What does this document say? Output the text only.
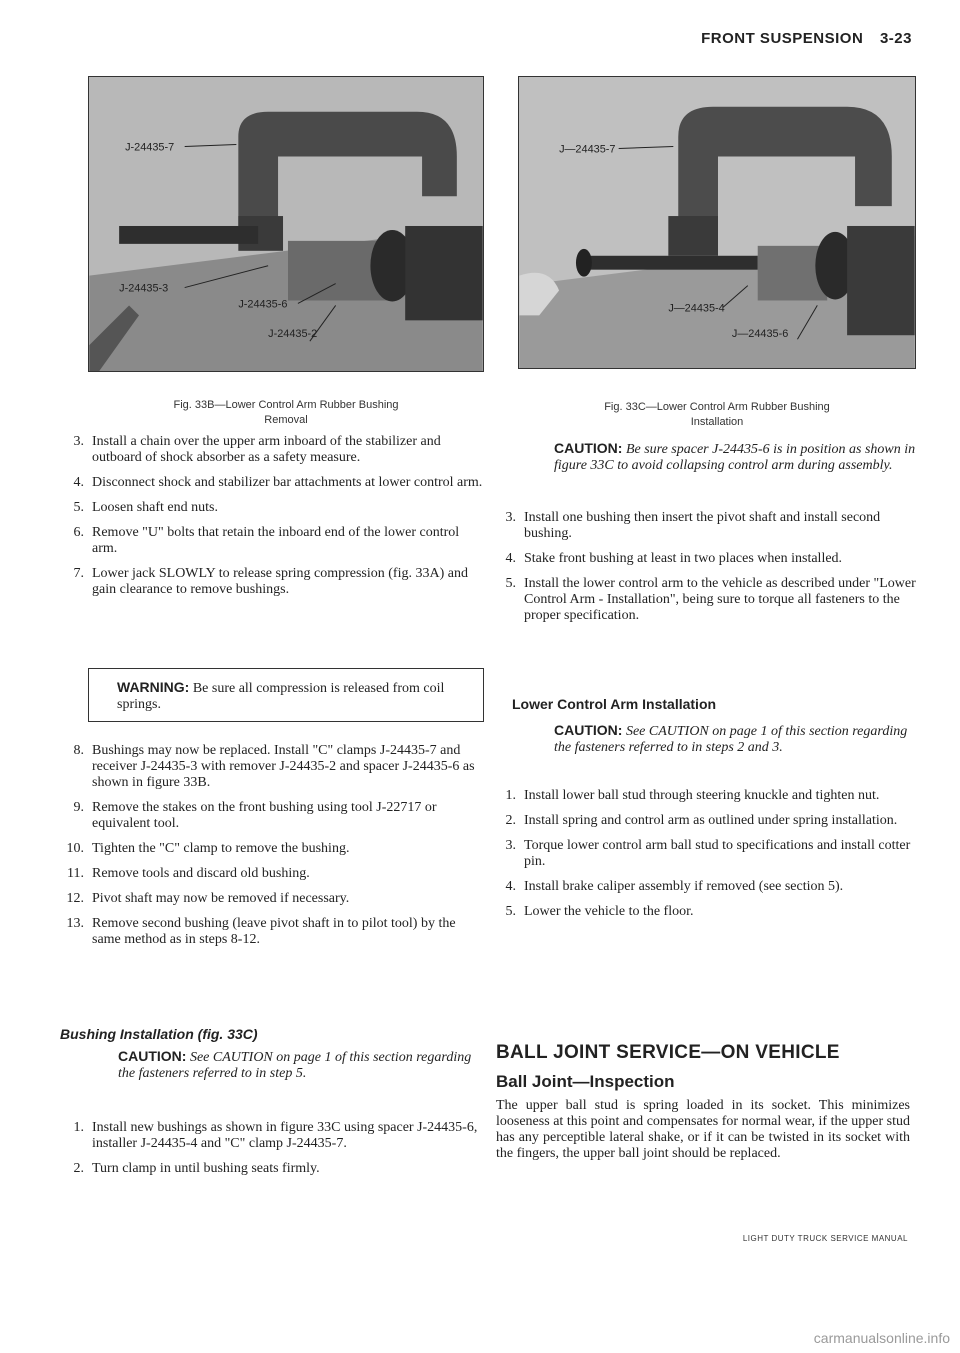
FRONT SUSPENSION 3-23
J-24435-7
J-24435-3
J-24435-6
J-24435-2
Fig. 33B—Lower Control Arm Rubber Bushing
Removal
J—24435-7
J—24435-4
J—24435-6
Fig. 33C—Lower Control Arm Rubber Bushing
Installation
3. Install a chain over the upper arm inboard of the stabilizer and outboard of shock absorber as a safety measure.
4. Disconnect shock and stabilizer bar attachments at lower control arm.
5. Loosen shaft end nuts.
6. Remove "U" bolts that retain the inboard end of the lower control arm.
7. Lower jack SLOWLY to release spring compression (fig. 33A) and gain clearance to remove bushings.
WARNING: Be sure all compression is released from coil springs.
8. Bushings may now be replaced. Install "C" clamps J-24435-7 and receiver J-24435-3 with remover J-24435-2 and spacer J-24435-6 as shown in figure 33B.
9. Remove the stakes on the front bushing using tool J-22717 or equivalent tool.
10. Tighten the "C" clamp to remove the bushing.
11. Remove tools and discard old bushing.
12. Pivot shaft may now be removed if necessary.
13. Remove second bushing (leave pivot shaft in to pilot tool) by the same method as in steps 8-12.
Bushing Installation (fig. 33C)
CAUTION: See CAUTION on page 1 of this section regarding the fasteners referred to in step 5.
1. Install new bushings as shown in figure 33C using spacer J-24435-6, installer J-24435-4 and "C" clamp J-24435-7.
2. Turn clamp in until bushing seats firmly.
CAUTION: Be sure spacer J-24435-6 is in position as shown in figure 33C to avoid collapsing control arm during assembly.
3. Install one bushing then insert the pivot shaft and install second bushing.
4. Stake front bushing at least in two places when installed.
5. Install the lower control arm to the vehicle as described under "Lower Control Arm - Installation", being sure to torque all fasteners to the proper specification.
Lower Control Arm Installation
CAUTION: See CAUTION on page 1 of this section regarding the fasteners referred to in steps 2 and 3.
1. Install lower ball stud through steering knuckle and tighten nut.
2. Install spring and control arm as outlined under spring installation.
3. Torque lower control arm ball stud to specifications and install cotter pin.
4. Install brake caliper assembly if removed (see section 5).
5. Lower the vehicle to the floor.
BALL JOINT SERVICE—ON VEHICLE
Ball Joint—Inspection
The upper ball stud is spring loaded in its socket. This minimizes looseness at this point and compensates for normal wear, if the upper stud has any perceptible lateral shake, or if it can be twisted in its socket with the fingers, the upper ball joint should be replaced.
LIGHT DUTY TRUCK SERVICE MANUAL
carmanualsonline.info
